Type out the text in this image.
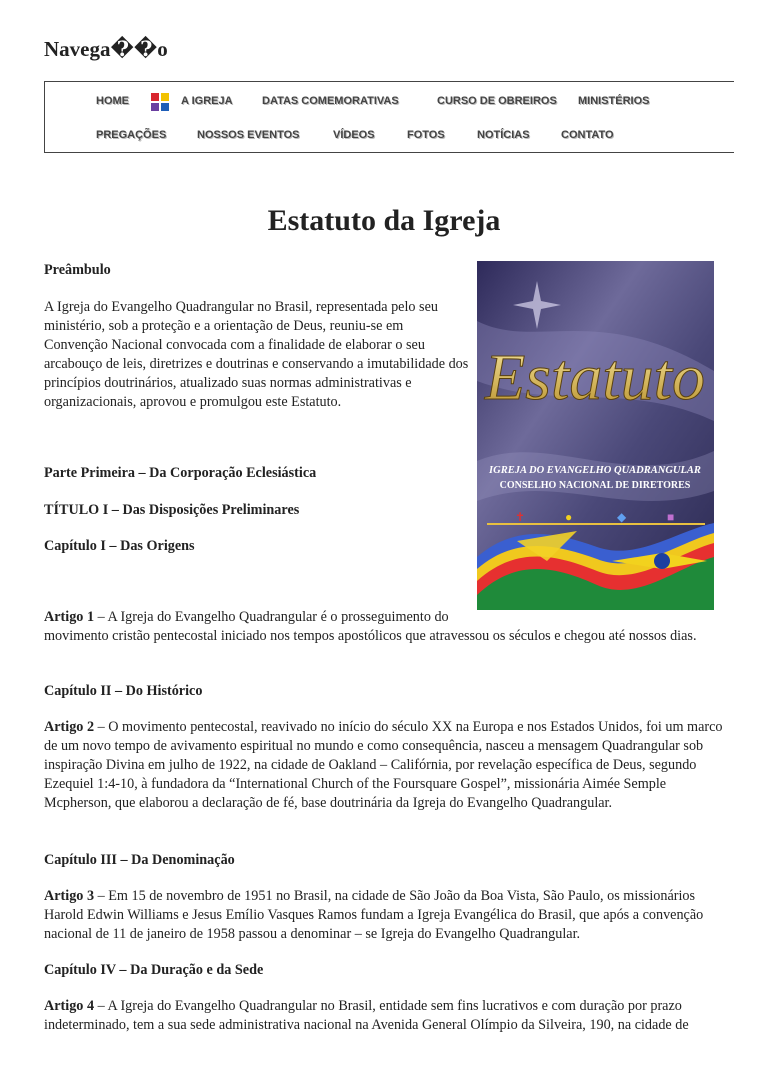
Navega��o
HOME	A IGREJA	DATAS COMEMORATIVAS	CURSO DE OBREIROS MINISTÉRIOS
PREGAÇÕES	NOSSOS EVENTOS	VÍDEOS	FOTOS	NOTÍCIAS	CONTATO
Estatuto da Igreja
Estatuto
IGREJA DO EVANGELHO QUADRANGULAR
CONSELHO NACIONAL DE DIRETORES
✝	●	◆	■
Preâmbulo
A Igreja do Evangelho Quadrangular no Brasil, representada pelo seu ministério, sob a proteção e a orientação de Deus, reuniu-se em Convenção Nacional convocada com a finalidade de elaborar o seu arcabouço de leis, diretrizes e doutrinas e conservando a imutabilidade dos princípios doutrinários, atualizado suas normas administrativas e organizacionais, aprovou e promulgou este Estatuto.
Parte Primeira – Da Corporação Eclesiástica
TÍTULO I – Das Disposições Preliminares
Capítulo I – Das Origens
Artigo 1 – A Igreja do Evangelho Quadrangular é o prosseguimento do
movimento cristão pentecostal iniciado nos tempos apostólicos que atravessou os séculos e chegou até nossos dias.
Capítulo II – Do Histórico
Artigo 2 – O movimento pentecostal, reavivado no início do século XX na Europa e nos Estados Unidos, foi um marco de um novo tempo de avivamento espiritual no mundo e como consequência, nasceu a mensagem Quadrangular sob inspiração Divina em julho de 1922, na cidade de Oakland – Califórnia, por revelação específica de Deus, segundo Ezequiel 1:4-10, à fundadora da “International Church of the Foursquare Gospel”, missionária Aimée Semple Mcpherson, que elaborou a declaração de fé, base doutrinária da Igreja do Evangelho Quadrangular.
Capítulo III – Da Denominação
Artigo 3 – Em 15 de novembro de 1951 no Brasil, na cidade de São João da Boa Vista, São Paulo, os missionários Harold Edwin Williams e Jesus Emílio Vasques Ramos fundam a Igreja Evangélica do Brasil, que após a convenção nacional de 11 de janeiro de 1958 passou a denominar – se Igreja do Evangelho Quadrangular.
Capítulo IV – Da Duração e da Sede
Artigo 4 – A Igreja do Evangelho Quadrangular no Brasil, entidade sem fins lucrativos e com duração por prazo indeterminado, tem a sua sede administrativa nacional na Avenida General Olímpio da Silveira, 190, na cidade de
